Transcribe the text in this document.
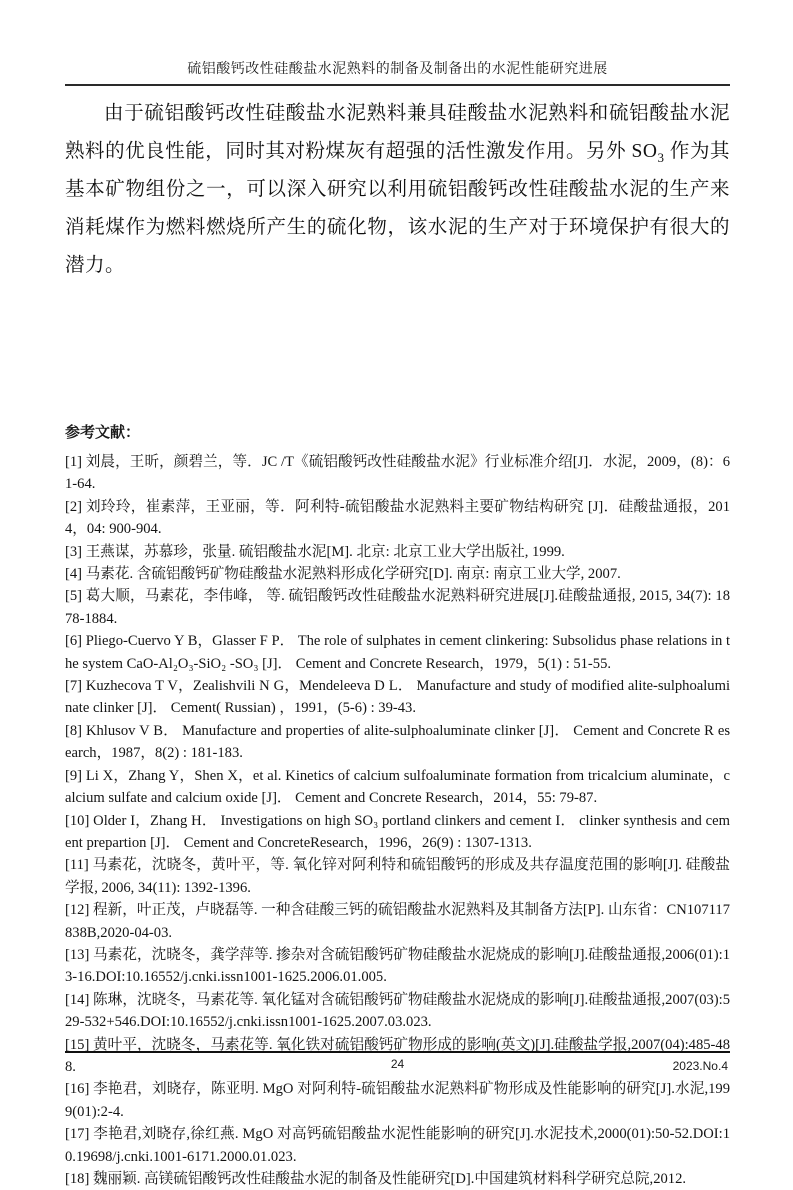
硫铝酸钙改性硅酸盐水泥熟料的制备及制备出的水泥性能研究进展

由于硫铝酸钙改性硅酸盐水泥熟料兼具硅酸盐水泥熟料和硫铝酸盐水泥熟料的优良性能，同时其对粉煤灰有超强的活性激发作用。另外 $SO_3$ 作为其基本矿物组份之一，可以深入研究以利用硫铝酸钙改性硅酸盐水泥的生产来消耗煤作为燃料燃烧所产生的硫化物，该水泥的生产对于环境保护有很大的潜力。

参考文献：

[1] 刘晨，王昕，颜碧兰，等．JC /T《硫铝酸钙改性硅酸盐水泥》行业标准介绍[J]．水泥，2009，(8)：61-64.

[2] 刘玲玲，崔素萍，王亚丽，等．阿利特-硫铝酸盐水泥熟料主要矿物结构研究 [J]．硅酸盐通报，2014，04: 900-904.

[3] 王燕谋，苏慕珍，张量. 硫铝酸盐水泥[M]. 北京: 北京工业大学出版社, 1999.

[4] 马素花. 含硫铝酸钙矿物硅酸盐水泥熟料形成化学研究[D]. 南京: 南京工业大学, 2007.

[5] 葛大顺，马素花，李伟峰， 等. 硫铝酸钙改性硅酸盐水泥熟料研究进展[J].硅酸盐通报, 2015, 34(7): 1878-1884.

[6] Pliego-Cuervo Y B，Glasser F P． The role of sulphates in cement clinkering: Subsolidus phase relations in the system CaO-Al₂O₃-SiO₂ -SO₃ [J]． Cement and Concrete Research，1979，5(1) : 51-55.

[7] Kuzhecova T V，Zealishvili N G，Mendeleeva D L． Manufacture and study of modified alite-sulphoaluminate clinker [J]． Cement( Russian) ，1991，(5-6) : 39-43.

[8] Khlusov V B． Manufacture and properties of alite-sulphoaluminate clinker [J]． Cement and Concrete R esearch，1987，8(2) : 181-183.

[9] Li X，Zhang Y，Shen X，et al. Kinetics of calcium sulfoaluminate formation from tricalcium aluminate，calcium sulfate and calcium oxide [J]． Cement and Concrete Research，2014，55: 79-87.

[10] Older I，Zhang H． Investigations on high SO₃ portland clinkers and cement I． clinker synthesis and cement prepartion [J]． Cement and ConcreteResearch，1996，26(9) : 1307-1313.

[11] 马素花，沈晓冬，黄叶平，等. 氧化锌对阿利特和硫铝酸钙的形成及共存温度范围的影响[J]. 硅酸盐学报, 2006, 34(11): 1392-1396.

[12] 程新，叶正茂，卢晓磊等. 一种含硅酸三钙的硫铝酸盐水泥熟料及其制备方法[P]. 山东省：CN107117838B,2020-04-03.

[13] 马素花，沈晓冬，龚学萍等. 掺杂对含硫铝酸钙矿物硅酸盐水泥烧成的影响[J].硅酸盐通报,2006(01):13-16.DOI:10.16552/j.cnki.issn1001-1625.2006.01.005.

[14] 陈琳，沈晓冬，马素花等. 氧化锰对含硫铝酸钙矿物硅酸盐水泥烧成的影响[J].硅酸盐通报,2007(03):529-532+546.DOI:10.16552/j.cnki.issn1001-1625.2007.03.023.

[15] 黄叶平，沈晓冬，马素花等. 氧化铁对硫铝酸钙矿物形成的影响(英文)[J].硅酸盐学报,2007(04):485-488.

[16] 李艳君，刘晓存，陈亚明. MgO 对阿利特-硫铝酸盐水泥熟料矿物形成及性能影响的研究[J].水泥,1999(01):2-4.

[17] 李艳君,刘晓存,徐红燕. MgO 对高钙硫铝酸盐水泥性能影响的研究[J].水泥技术,2000(01):50-52.DOI:10.19698/j.cnki.1001-6171.2000.01.023.

[18] 魏丽颖. 高镁硫铝酸钙改性硅酸盐水泥的制备及性能研究[D].中国建筑材料科学研究总院,2012.

24	2023.No.4
